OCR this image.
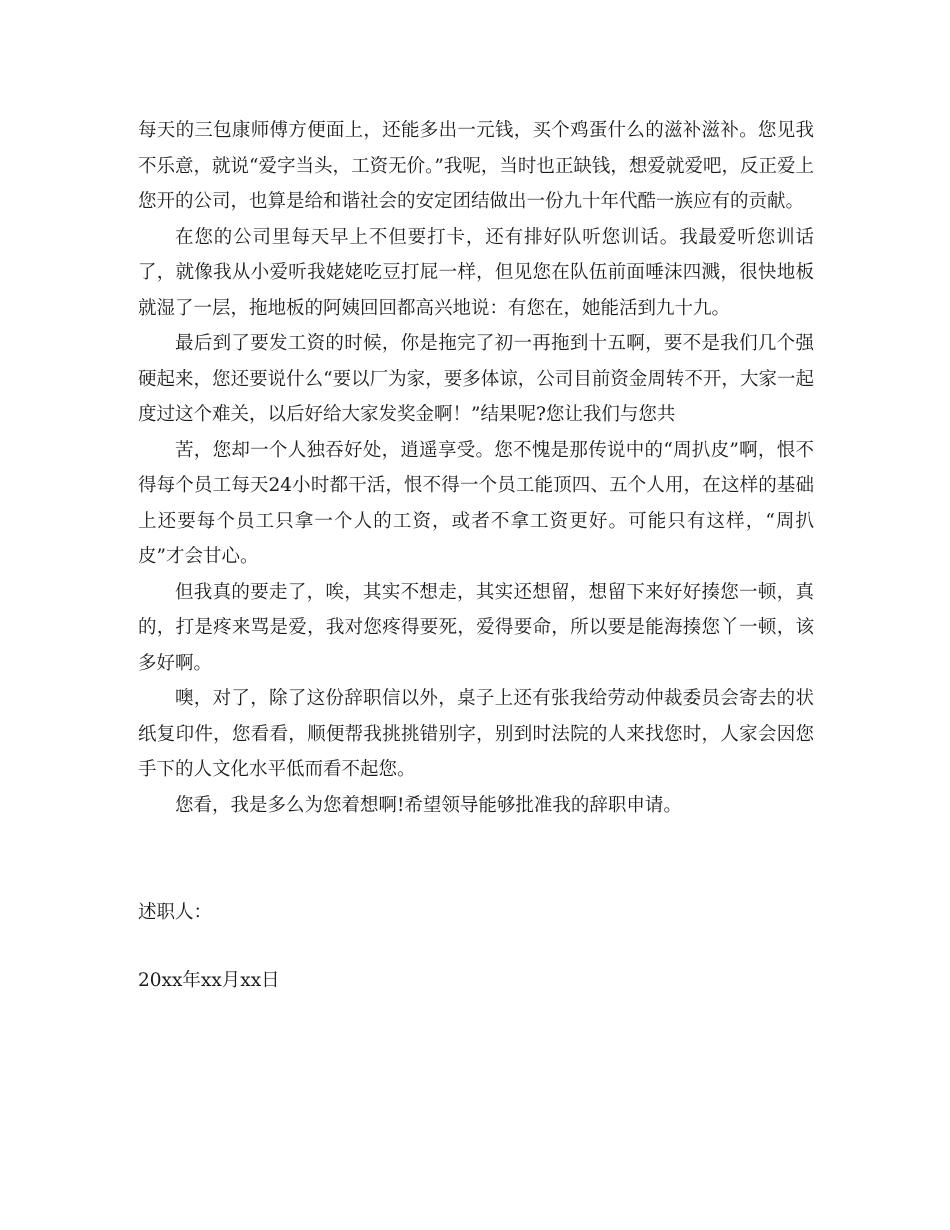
每天的三包康师傅方便面上，还能多出一元钱，买个鸡蛋什么的滋补滋补。您见我不乐意，就说“爱字当头，工资无价。”我呢，当时也正缺钱，想爱就爱吧，反正爱上您开的公司，也算是给和谐社会的安定团结做出一份九十年代酷一族应有的贡献。

在您的公司里每天早上不但要打卡，还有排好队听您训话。我最爱听您训话了，就像我从小爱听我姥姥吃豆打屁一样，但见您在队伍前面唾沫四溅，很快地板就湿了一层，拖地板的阿姨回回都高兴地说：有您在，她能活到九十九。

最后到了要发工资的时候，你是拖完了初一再拖到十五啊，要不是我们几个强硬起来，您还要说什么“要以厂为家，要多体谅，公司目前资金周转不开，大家一起度过这个难关，以后好给大家发奖金啊！”结果呢?您让我们与您共

苦，您却一个人独吞好处，逍遥享受。您不愧是那传说中的“周扒皮”啊，恨不得每个员工每天24小时都干活，恨不得一个员工能顶四、五个人用，在这样的基础上还要每个员工只拿一个人的工资，或者不拿工资更好。可能只有这样，“周扒皮”才会甘心。

但我真的要走了，唉，其实不想走，其实还想留，想留下来好好揍您一顿，真的，打是疼来骂是爱，我对您疼得要死，爱得要命，所以要是能海揍您丫一顿，该多好啊。

噢，对了，除了这份辞职信以外，桌子上还有张我给劳动仲裁委员会寄去的状纸复印件，您看看，顺便帮我挑挑错别字，别到时法院的人来找您时，人家会因您手下的人文化水平低而看不起您。

您看，我是多么为您着想啊!希望领导能够批准我的辞职申请。

述职人：

20xx年xx月xx日
